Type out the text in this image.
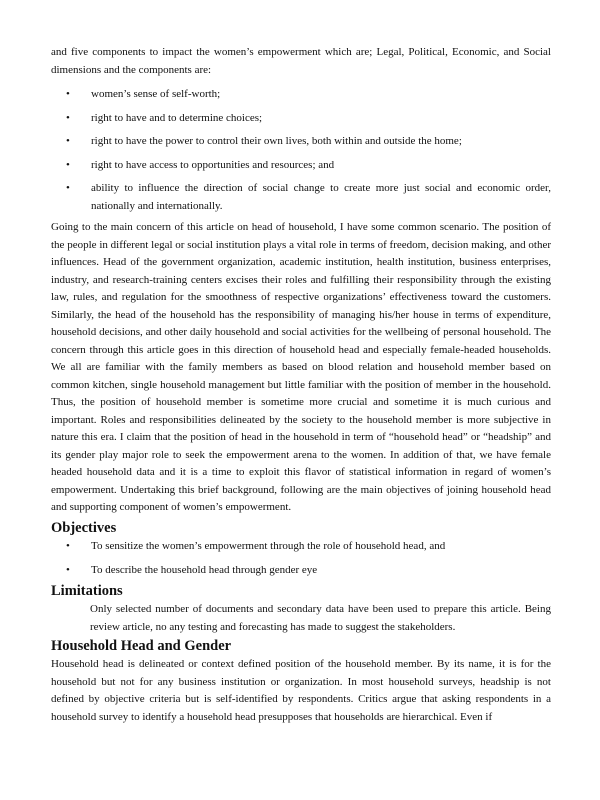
and five components to impact the women’s empowerment which are; Legal, Political, Economic, and Social dimensions and the components are:

• women’s sense of self-worth;
• right to have and to determine choices;
• right to have the power to control their own lives, both within and outside the home;
• right to have access to opportunities and resources; and
• ability to influence the direction of social change to create more just social and economic order, nationally and internationally.

Going to the main concern of this article on head of household, I have some common scenario. The position of the people in different legal or social institution plays a vital role in terms of freedom, decision making, and other influences. Head of the government organization, academic institution, health institution, business enterprises, industry, and research-training centers excises their roles and fulfilling their responsibility through the existing law, rules, and regulation for the smoothness of respective organizations’ effectiveness toward the customers. Similarly, the head of the household has the responsibility of managing his/her house in terms of expenditure, household decisions, and other daily household and social activities for the wellbeing of personal household. The concern through this article goes in this direction of household head and especially female-headed households. We all are familiar with the family members as based on blood relation and household member based on common kitchen, single household management but little familiar with the position of member in the household. Thus, the position of household member is sometime more crucial and sometime it is much curious and important. Roles and responsibilities delineated by the society to the household member is more subjective in nature this era. I claim that the position of head in the household in term of “household head” or “headship” and its gender play major role to seek the empowerment arena to the women. In addition of that, we have female headed household data and it is a time to exploit this flavor of statistical information in regard of women’s empowerment. Undertaking this brief background, following are the main objectives of joining household head and supporting component of women’s empowerment.

Objectives
• To sensitize the women’s empowerment through the role of household head, and
• To describe the household head through gender eye
Limitations

Only selected number of documents and secondary data have been used to prepare this article. Being review article, no any testing and forecasting has made to suggest the stakeholders.

Household Head and Gender

Household head is delineated or context defined position of the household member. By its name, it is for the household but not for any business institution or organization. In most household surveys, headship is not defined by objective criteria but is self-identified by respondents. Critics argue that asking respondents in a household survey to identify a household head presupposes that households are hierarchical. Even if
